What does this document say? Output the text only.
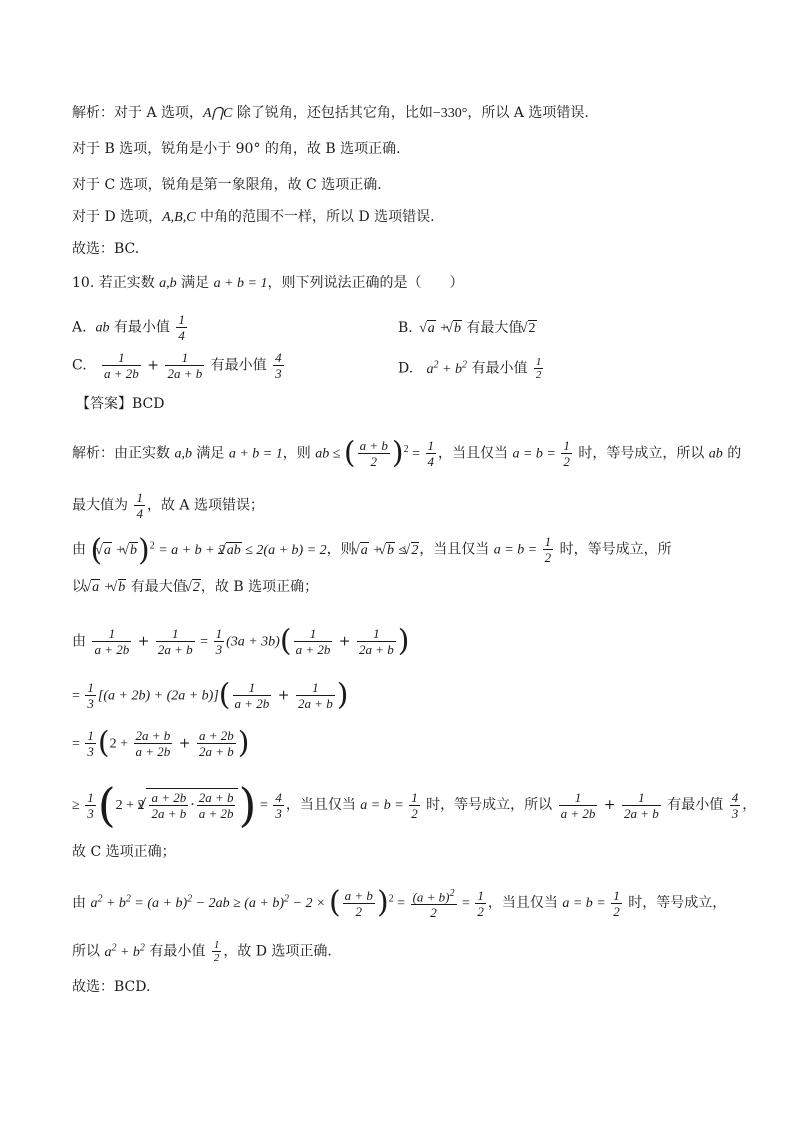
解析：对于 A 选项，A⋂C 除了锐角，还包括其它角，比如−330°，所以 A 选项错误.
对于 B 选项，锐角是小于 90° 的角，故 B 选项正确.
对于 C 选项，锐角是第一象限角，故 C 选项正确.
对于 D 选项，A,B,C 中角的范围不一样，所以 D 选项错误.
故选：BC.
10. 若正实数 a,b 满足 a + b = 1，则下列说法正确的是（　　）
A. ab 有最小值 $\frac{1}{4}$	B. √ a + √ b 有最大值 √ 2
C. $\frac{1}{a + 2b} + \frac{1}{2a + b}$ 有最小值 $\frac{4}{3}$	D. $a^2 + b^2$ 有最小值 $\frac{1}{2}$
【答案】BCD
解析：由正实数 a,b 满足 a + b = 1，则 ab ≤ ( $\frac{a + b}{2} )^2 = \frac{1}{4}$ ，当且仅当 $a = b = \frac{1}{2}$ 时，等号成立，所以 ab 的
最大值为 $\frac{1}{4}$ ，故 A 选项错误；
由 ( √ a + √ b)$^2$ = a + b + 2 √ ab ≤ 2(a + b) = 2，则 √ a + √ b ≤ √ 2，当且仅当 $a = b = \frac{1}{2}$ 时，等号成立，所
以 √ a + √ b 有最大值 √ 2，故 B 选项正确；
由 $\frac{1}{a + 2b} + \frac{1}{2a + b} = \frac{1}{3} (3a + 3b)( \frac{1}{a + 2b} + \frac{1}{2a + b}$ )
= $\frac{1}{3} [(a + 2b) + (2a + b)]( \frac{1}{a + 2b} + \frac{1}{2a + b}$ )
= $\frac{1}{3} (2 + \frac{2a + b}{a + 2b} + \frac{a + 2b}{2a + b}$ )
≥ $\frac{1}{3} (2 + 2$ √ $\frac{a + 2b}{2a + b} \cdot \frac{2a + b}{a + 2b}$ ) = $\frac{4}{3}$ ，当且仅当 $a = b = \frac{1}{2}$ 时，等号成立，所以 $\frac{1}{a + 2b} + \frac{1}{2a + b}$ 有最小值 $\frac{4}{3}$ ，
故 C 选项正确；
由 $a^2 + b^2 = (a + b)^2 - 2ab \ge (a + b)^2 - 2$ × ( $\frac{a + b}{2} )^2 = \frac{(a + b)^2}{2} = \frac{1}{2}$ ，当且仅当 $a = b = \frac{1}{2}$ 时，等号成立，
所以 $a^2 + b^2$ 有最小值 $\frac{1}{2}$ ，故 D 选项正确.
故选：BCD.
